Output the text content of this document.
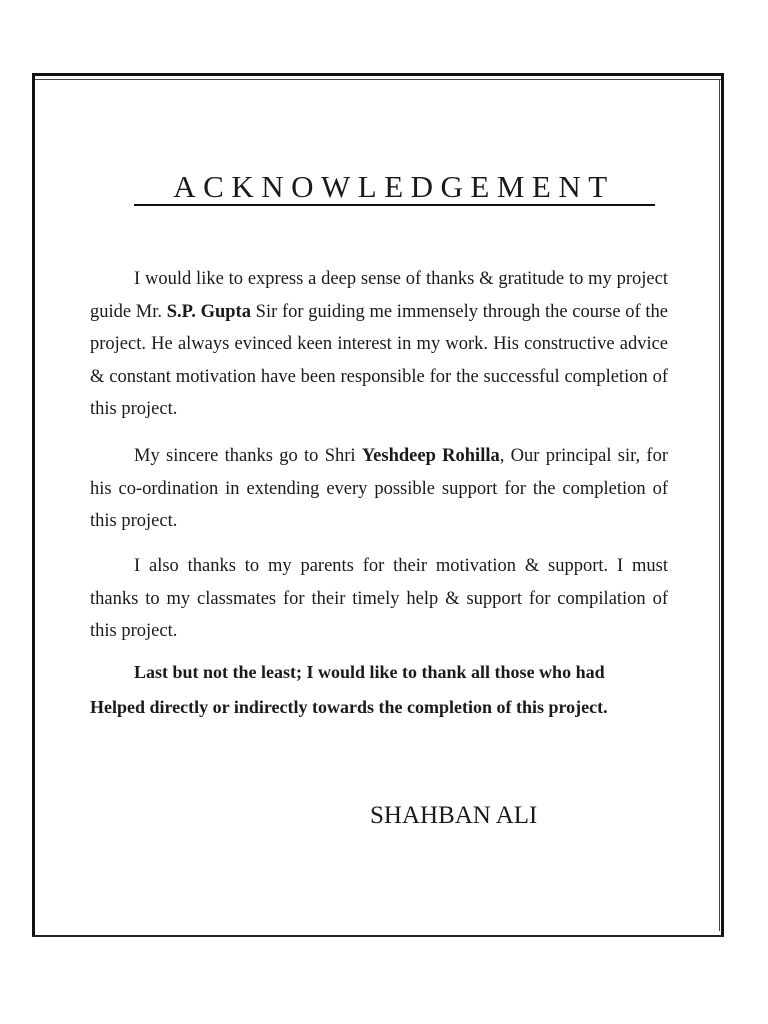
ACKNOWLEDGEMENT

I would like to express a deep sense of thanks & gratitude to my project guide Mr. S.P. Gupta Sir for guiding me immensely through the course of the project. He always evinced keen interest in my work. His constructive advice & constant motivation have been responsible for the successful completion of this project.

My sincere thanks go to Shri Yeshdeep Rohilla, Our principal sir, for his co-ordination in extending every possible support for the completion of this project.

I also thanks to my parents for their motivation & support. I must thanks to my classmates for their timely help & support for compilation of this project.

Last but not the least; I would like to thank all those who had

Helped directly or indirectly towards the completion of this project.

SHAHBAN ALI
